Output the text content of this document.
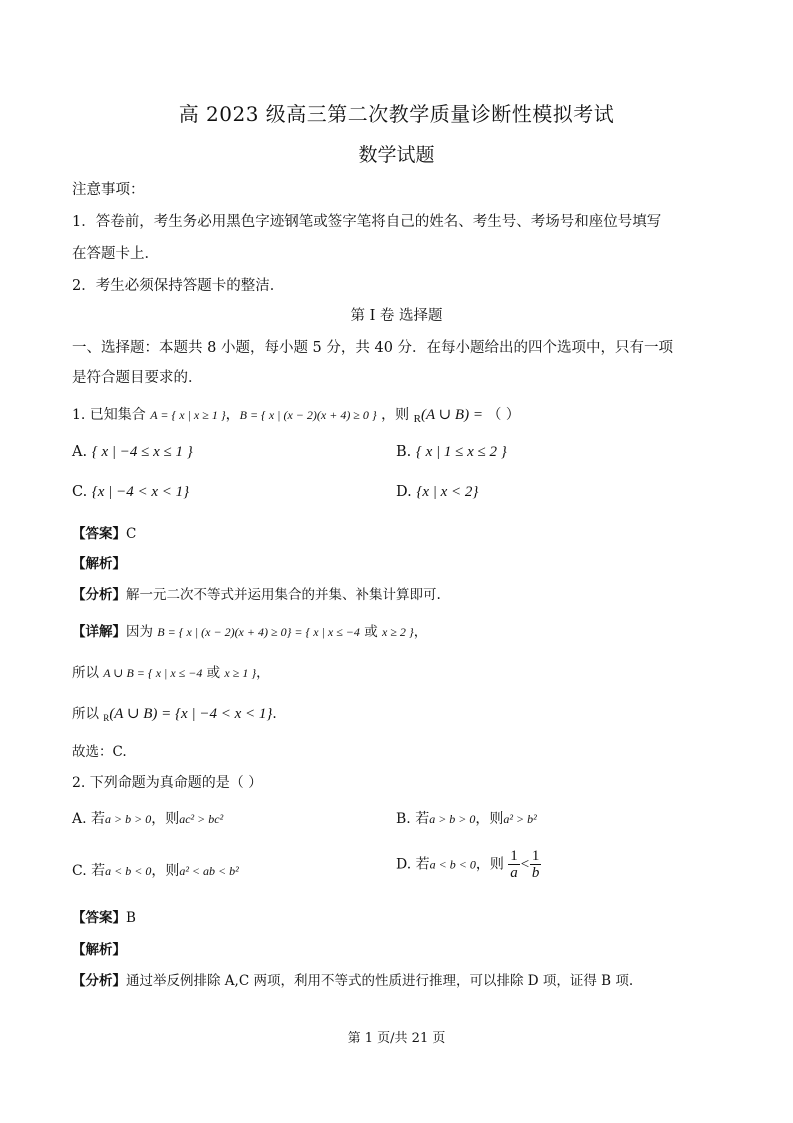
高 2023 级高三第二次教学质量诊断性模拟考试
数学试题
注意事项：
1．答卷前，考生务必用黑色字迹钢笔或签字笔将自己的姓名、考生号、考场号和座位号填写
在答题卡上．
2．考生必须保持答题卡的整洁．
第 I 卷 选择题
一、选择题：本题共 8 小题，每小题 5 分，共 40 分．在每小题给出的四个选项中，只有一项
是符合题目要求的．
1. 已知集合 A = { x | x ≥ 1 }，B = { x | (x − 2)(x + 4) ≥ 0 } ，则 $_R$(A ∪ B) = （ ）
A. { x | −4 ≤ x ≤ 1 }	B. { x | 1 ≤ x ≤ 2 }
C. {x | −4 < x < 1}	D. {x | x < 2}
【答案】C
【解析】
【分析】解一元二次不等式并运用集合的并集、补集计算即可.
【详解】因为 B = { x | (x − 2)(x + 4) ≥ 0} = { x | x ≤ −4 或 x ≥ 2 }，
所以 A ∪ B = { x | x ≤ −4 或 x ≥ 1 }，
所以 $_R$(A ∪ B) = {x | −4 < x < 1}.
故选：C.
2. 下列命题为真命题的是（ ）
A. 若a > b > 0，则ac² > bc²	B. 若a > b > 0，则a² > b²
C. 若a < b < 0，则a² < ab < b²	D. 若a < b < 0，则 $\frac{1}{a} < \frac{1}{b}$
【答案】B
【解析】
【分析】通过举反例排除 A,C 两项，利用不等式的性质进行推理，可以排除 D 项，证得 B 项.
第 1 页/共 21 页
